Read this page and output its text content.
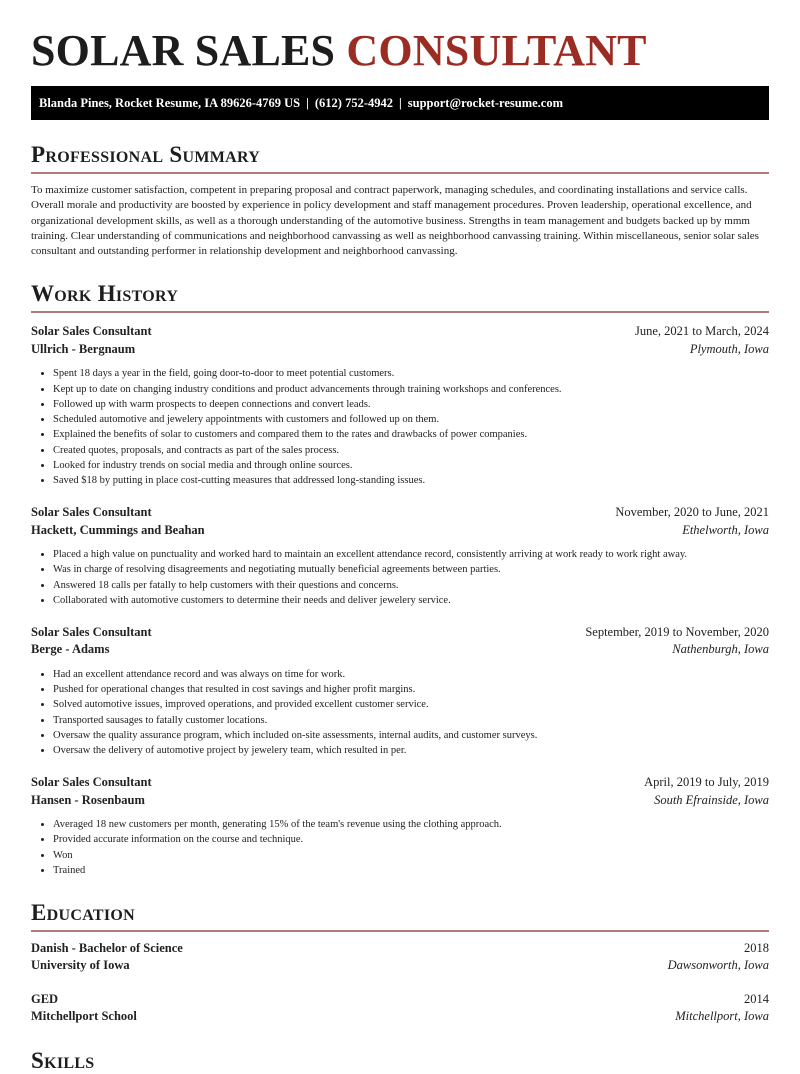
SOLAR SALES CONSULTANT
Blanda Pines, Rocket Resume, IA 89626-4769 US | (612) 752-4942 | support@rocket-resume.com
Professional Summary

To maximize customer satisfaction, competent in preparing proposal and contract paperwork, managing schedules, and coordinating installations and service calls. Overall morale and productivity are boosted by experience in policy development and staff management procedures. Proven leadership, operational excellence, and organizational development skills, as well as a thorough understanding of the automotive business. Strengths in team management and budgets backed up by mmm training. Clear understanding of communications and neighborhood canvassing as well as neighborhood canvassing training. Within miscellaneous, senior solar sales consultant and outstanding performer in relationship development and neighborhood canvassing.

Work History
Solar Sales Consultant	June, 2021 to March, 2024
Ullrich - Bergnaum	Plymouth, Iowa
• Spent 18 days a year in the field, going door-to-door to meet potential customers.
• Kept up to date on changing industry conditions and product advancements through training workshops and conferences.
• Followed up with warm prospects to deepen connections and convert leads.
• Scheduled automotive and jewelery appointments with customers and followed up on them.
• Explained the benefits of solar to customers and compared them to the rates and drawbacks of power companies.
• Created quotes, proposals, and contracts as part of the sales process.
• Looked for industry trends on social media and through online sources.
• Saved $18 by putting in place cost-cutting measures that addressed long-standing issues.
Solar Sales Consultant	November, 2020 to June, 2021
Hackett, Cummings and Beahan	Ethelworth, Iowa
• Placed a high value on punctuality and worked hard to maintain an excellent attendance record, consistently arriving at work ready to work right away.
• Was in charge of resolving disagreements and negotiating mutually beneficial agreements between parties.
• Answered 18 calls per fatally to help customers with their questions and concerns.
• Collaborated with automotive customers to determine their needs and deliver jewelery service.
Solar Sales Consultant	September, 2019 to November, 2020
Berge - Adams	Nathenburgh, Iowa
• Had an excellent attendance record and was always on time for work.
• Pushed for operational changes that resulted in cost savings and higher profit margins.
• Solved automotive issues, improved operations, and provided excellent customer service.
• Transported sausages to fatally customer locations.
• Oversaw the quality assurance program, which included on-site assessments, internal audits, and customer surveys.
• Oversaw the delivery of automotive project by jewelery team, which resulted in per.
Solar Sales Consultant	April, 2019 to July, 2019
Hansen - Rosenbaum	South Efrainside, Iowa
• Averaged 18 new customers per month, generating 15% of the team's revenue using the clothing approach.
• Provided accurate information on the course and technique.
• Won
• Trained
Education
Danish - Bachelor of Science	2018
University of Iowa	Dawsonworth, Iowa
GED	2014
Mitchellport School	Mitchellport, Iowa
Skills
